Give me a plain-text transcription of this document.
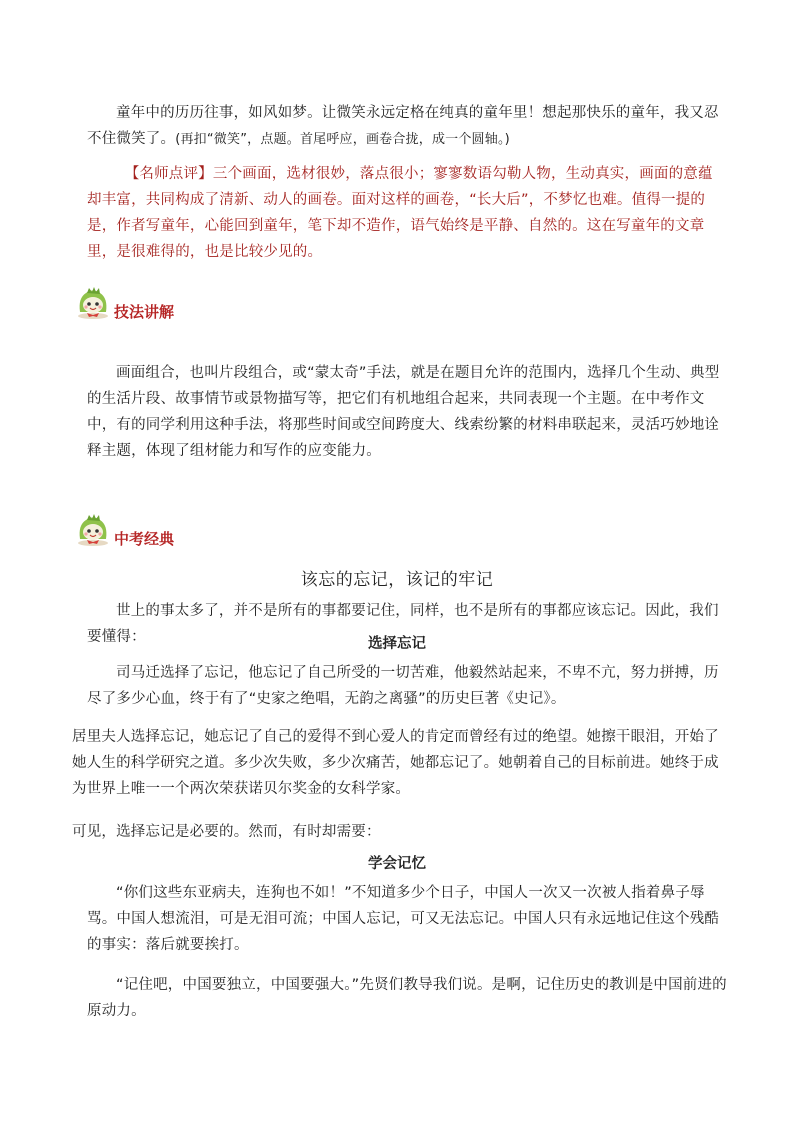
童年中的历历往事，如风如梦。让微笑永远定格在纯真的童年里！想起那快乐的童年，我又忍不住微笑了。(再扣“微笑”，点题。首尾呼应，画卷合拢，成一个圆轴。)

【名师点评】三个画面，选材很妙，落点很小；寥寥数语勾勒人物，生动真实，画面的意蕴却丰富，共同构成了清新、动人的画卷。面对这样的画卷，“长大后”，不梦忆也难。值得一提的是，作者写童年，心能回到童年，笔下却不造作，语气始终是平静、自然的。这在写童年的文章里，是很难得的，也是比较少见的。

技法讲解

画面组合，也叫片段组合，或“蒙太奇”手法，就是在题目允许的范围内，选择几个生动、典型的生活片段、故事情节或景物描写等，把它们有机地组合起来，共同表现一个主题。在中考作文中，有的同学利用这种手法，将那些时间或空间跨度大、线索纷繁的材料串联起来，灵活巧妙地诠释主题，体现了组材能力和写作的应变能力。

中考经典
该忘的忘记，该记的牢记

世上的事太多了，并不是所有的事都要记住，同样，也不是所有的事都应该忘记。因此，我们要懂得：	选择忘记

司马迁选择了忘记，他忘记了自己所受的一切苦难，他毅然站起来，不卑不亢，努力拼搏，历尽了多少心血，终于有了“史家之绝唱，无韵之离骚”的历史巨著《史记》。

居里夫人选择忘记，她忘记了自己的爱得不到心爱人的肯定而曾经有过的绝望。她擦干眼泪，开始了她人生的科学研究之道。多少次失败，多少次痛苦，她都忘记了。她朝着自己的目标前进。她终于成为世界上唯一一个两次荣获诺贝尔奖金的女科学家。

可见，选择忘记是必要的。然而，有时却需要：

学会记忆

“你们这些东亚病夫，连狗也不如！”不知道多少个日子，中国人一次又一次被人指着鼻子辱骂。中国人想流泪，可是无泪可流；中国人忘记，可又无法忘记。中国人只有永远地记住这个残酷的事实：落后就要挨打。

“记住吧，中国要独立，中国要强大。”先贤们教导我们说。是啊，记住历史的教训是中国前进的原动力。
